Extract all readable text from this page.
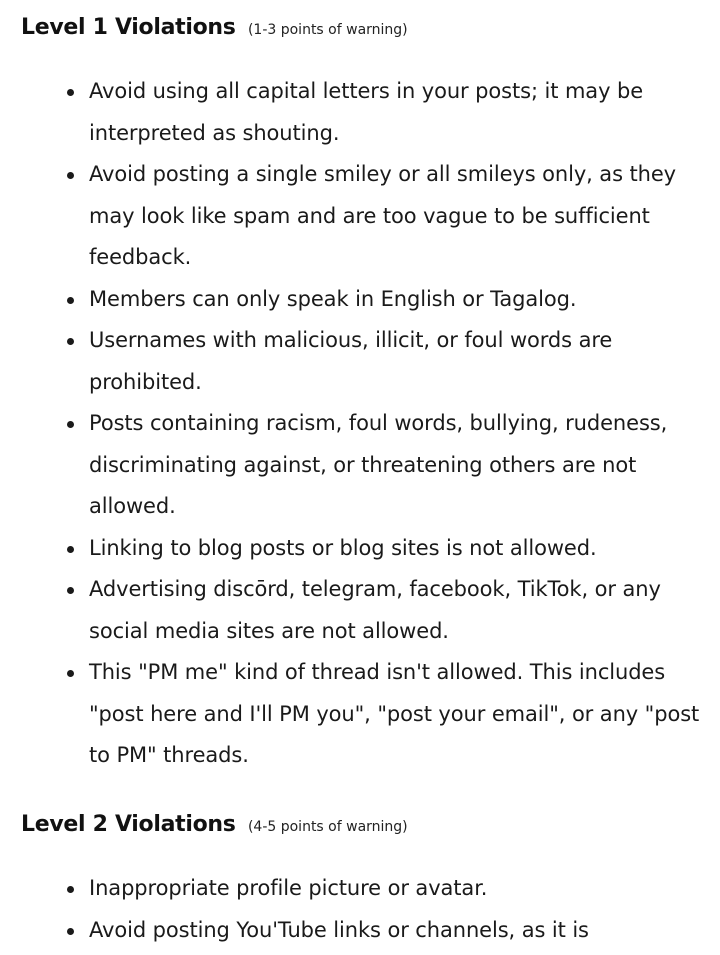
Level 1 Violations (1-3 points of warning)
Avoid using all capital letters in your posts; it may be interpreted as shouting.
Avoid posting a single smiley or all smileys only, as they may look like spam and are too vague to be sufficient feedback.
Members can only speak in English or Tagalog.
Usernames with malicious, illicit, or foul words are prohibited.
Posts containing racism, foul words, bullying, rudeness, discriminating against, or threatening others are not allowed.
Linking to blog posts or blog sites is not allowed.
Advertising discōrd, telegram, facebook, TikTok, or any social media sites are not allowed.
This "PM me" kind of thread isn't allowed. This includes "post here and I'll PM you", "post your email", or any "post to PM" threads.
Level 2 Violations (4-5 points of warning)
Inappropriate profile picture or avatar.
Avoid posting You'Tube links or channels, as it is
